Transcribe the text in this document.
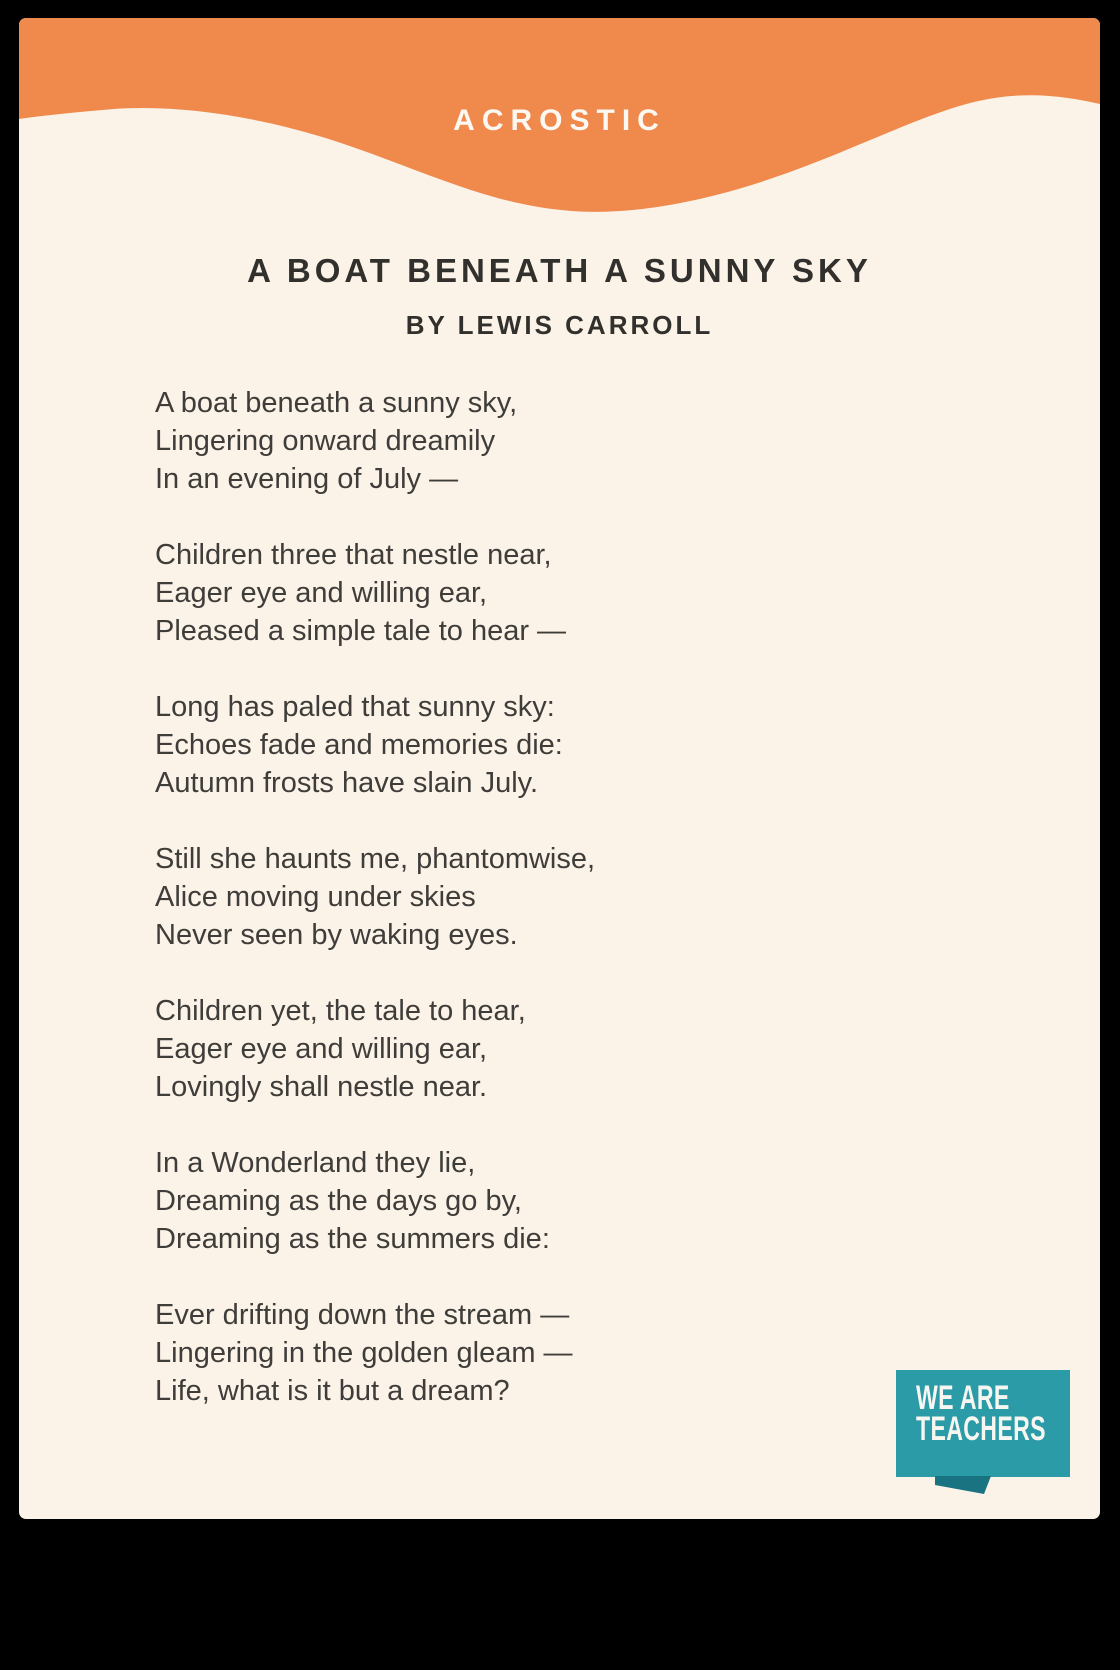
ACROSTIC
A BOAT BENEATH A SUNNY SKY
BY LEWIS CARROLL
A boat beneath a sunny sky,
Lingering onward dreamily
In an evening of July —
Children three that nestle near,
Eager eye and willing ear,
Pleased a simple tale to hear —
Long has paled that sunny sky:
Echoes fade and memories die:
Autumn frosts have slain July.
Still she haunts me, phantomwise,
Alice moving under skies
Never seen by waking eyes.
Children yet, the tale to hear,
Eager eye and willing ear,
Lovingly shall nestle near.
In a Wonderland they lie,
Dreaming as the days go by,
Dreaming as the summers die:
Ever drifting down the stream —
Lingering in the golden gleam —
Life, what is it but a dream?	WE ARE
TEACHERS
